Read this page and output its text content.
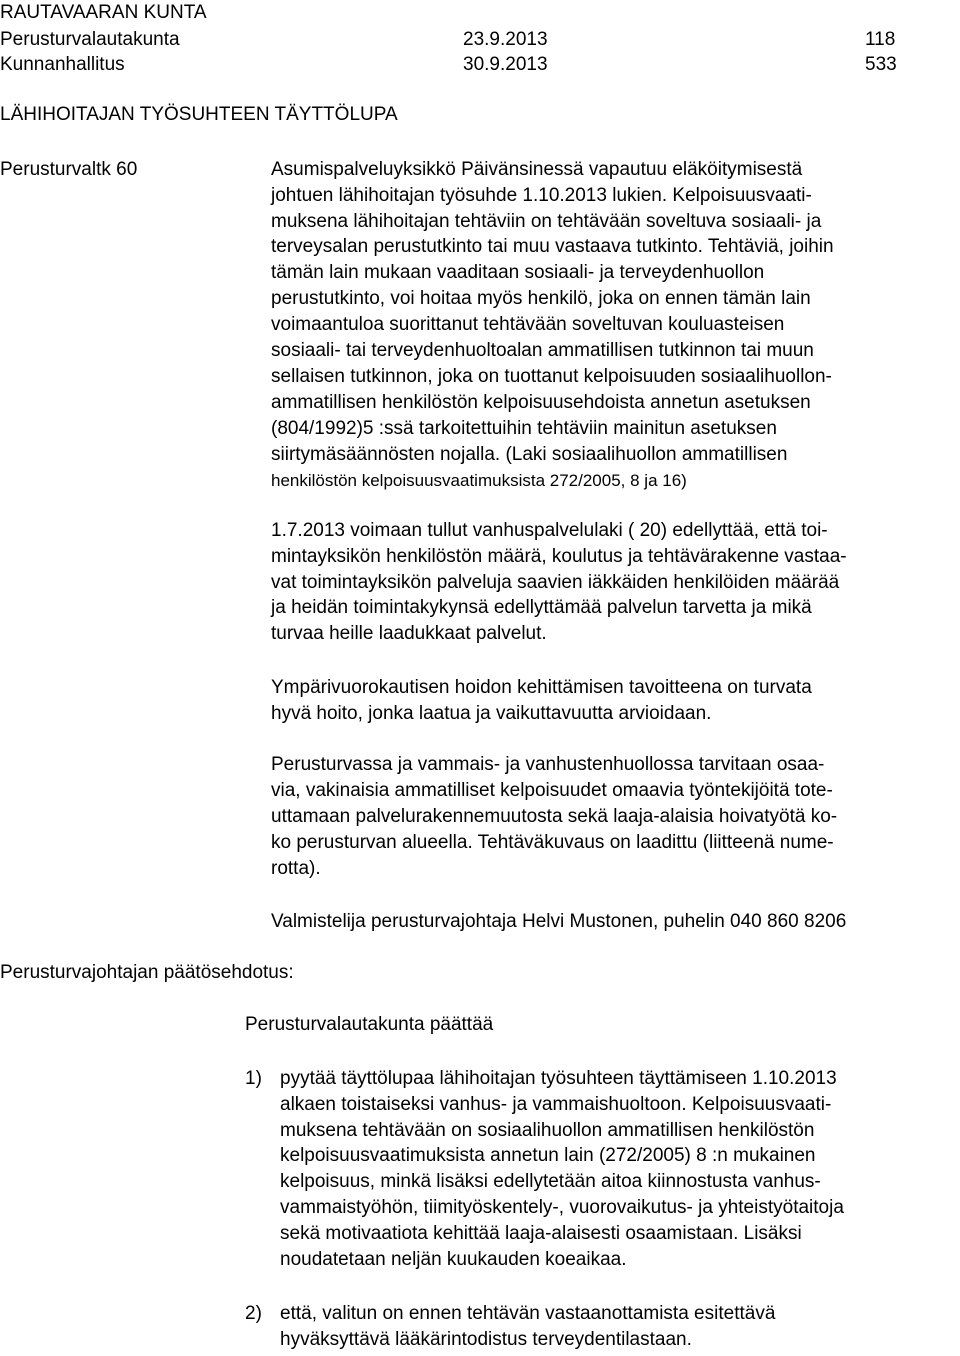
RAUTAVAARAN KUNTA
Perusturvalautakunta	23.9.2013	118
Kunnanhallitus	30.9.2013	533
LÄHIHOITAJAN TYÖSUHTEEN TÄYTTÖLUPA
Perusturvaltk 60	Asumispalveluyksikkö Päivänsinessä vapautuu eläköitymisestä
johtuen lähihoitajan työsuhde 1.10.2013 lukien. Kelpoisuusvaati-
muksena lähihoitajan tehtäviin on tehtävään soveltuva sosiaali- ja
terveysalan perustutkinto tai muu vastaava tutkinto. Tehtäviä, joihin
tämän lain mukaan vaaditaan sosiaali- ja terveydenhuollon
perustutkinto, voi hoitaa myös henkilö, joka on ennen tämän lain
voimaantuloa suorittanut tehtävään soveltuvan kouluasteisen
sosiaali- tai terveydenhuoltoalan ammatillisen tutkinnon tai muun
sellaisen tutkinnon, joka on tuottanut kelpoisuuden sosiaalihuollon-
ammatillisen henkilöstön kelpoisuusehdoista annetun asetuksen
(804/1992)5 :ssä tarkoitettuihin tehtäviin mainitun asetuksen
siirtymäsäännösten nojalla. (Laki sosiaalihuollon ammatillisen
henkilöstön kelpoisuusvaatimuksista 272/2005, 8 ja 16)
1.7.2013 voimaan tullut vanhuspalvelulaki ( 20) edellyttää, että toi-
mintayksikön henkilöstön määrä, koulutus ja tehtävärakenne vastaa-
vat toimintayksikön palveluja saavien iäkkäiden henkilöiden määrää
ja heidän toimintakykynsä edellyttämää palvelun tarvetta ja mikä
turvaa heille laadukkaat palvelut.
Ympärivuorokautisen hoidon kehittämisen tavoitteena on turvata
hyvä hoito, jonka laatua ja vaikuttavuutta arvioidaan.
Perusturvassa ja vammais- ja vanhustenhuollossa tarvitaan osaa-
via, vakinaisia ammatilliset kelpoisuudet omaavia työntekijöitä tote-
uttamaan palvelurakennemuutosta sekä laaja-alaisia hoivatyötä ko-
ko perusturvan alueella. Tehtäväkuvaus on laadittu (liitteenä nume-
rotta).
Valmistelija perusturvajohtaja Helvi Mustonen, puhelin 040 860 8206
Perusturvajohtajan päätösehdotus:
Perusturvalautakunta päättää
1) pyytää täyttölupaa lähihoitajan työsuhteen täyttämiseen 1.10.2013
alkaen toistaiseksi vanhus- ja vammaishuoltoon. Kelpoisuusvaati-
muksena tehtävään on sosiaalihuollon ammatillisen henkilöstön
kelpoisuusvaatimuksista annetun lain (272/2005) 8 :n mukainen
kelpoisuus, minkä lisäksi edellytetään aitoa kiinnostusta vanhus-
vammaistyöhön, tiimityöskentely-, vuorovaikutus- ja yhteistyötaitoja
sekä motivaatiota kehittää laaja-alaisesti osaamistaan. Lisäksi
noudatetaan neljän kuukauden koeaikaa.
2) että, valitun on ennen tehtävän vastaanottamista esitettävä
hyväksyttävä lääkärintodistus terveydentilastaan.
